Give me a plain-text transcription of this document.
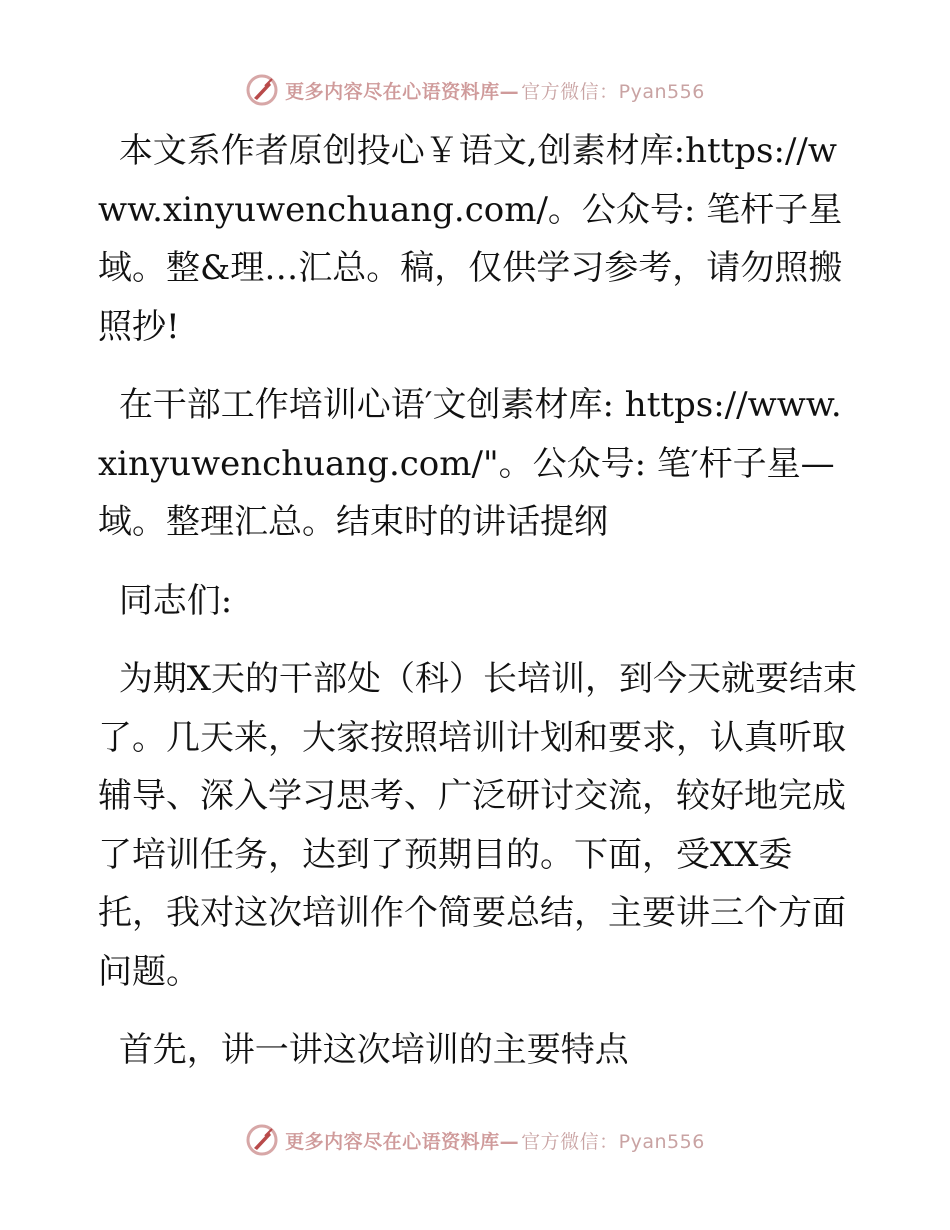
更多内容尽在心语资料库— 官方微信：Pyan556

本文系作者原创投心￥语文,创素材库:https://www.xinyuwenchuang.com/。公众号: 笔杆子星域。整&理…汇总。稿，仅供学习参考，请勿照搬照抄!

在干部工作培训心语′文创素材库: https://www.xinyuwenchuang.com/"。公众号: 笔′杆子星—域。整理汇总。结束时的讲话提纲

同志们:

为期X天的干部处（科）长培训，到今天就要结束了。几天来，大家按照培训计划和要求，认真听取辅导、深入学习思考、广泛研讨交流，较好地完成了培训任务，达到了预期目的。下面，受XX委托，我对这次培训作个简要总结，主要讲三个方面问题。

首先，讲一讲这次培训的主要特点

更多内容尽在心语资料库— 官方微信：Pyan556
